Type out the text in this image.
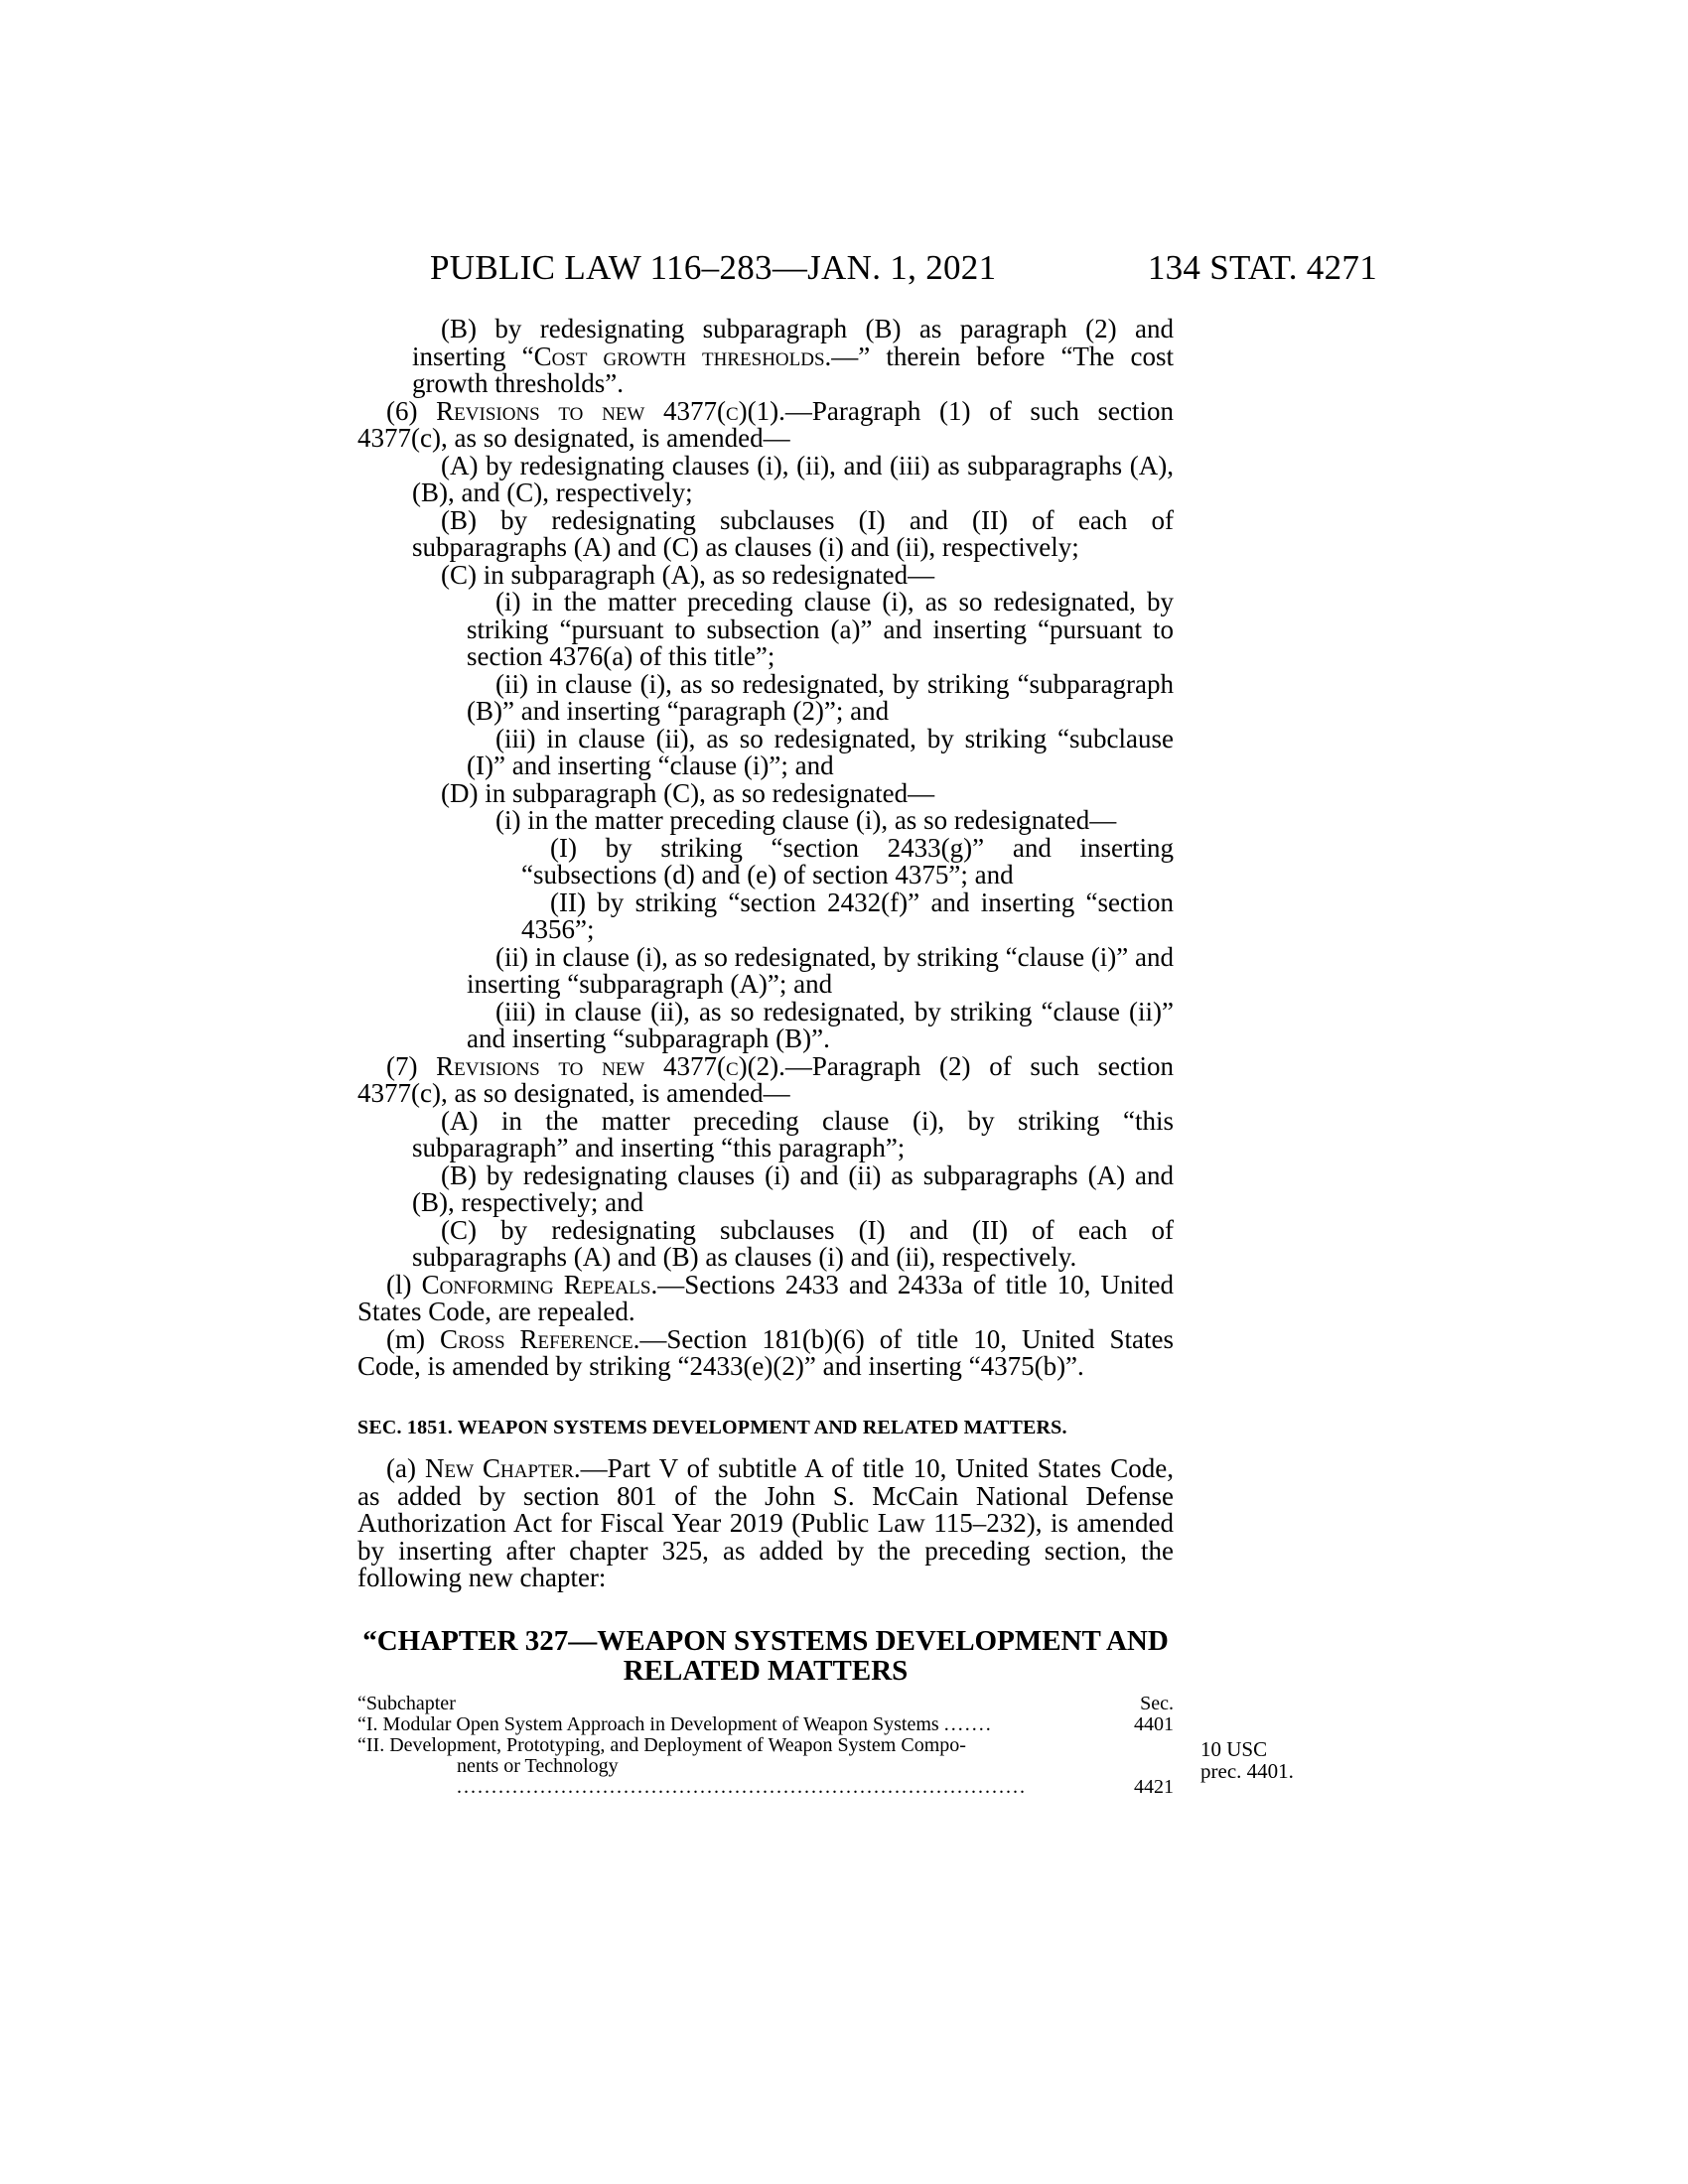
PUBLIC LAW 116–283—JAN. 1, 2021	134 STAT. 4271

(B) by redesignating subparagraph (B) as paragraph (2) and inserting “Cost growth thresholds.—” therein before “The cost growth thresholds”.

(6) Revisions to new 4377(c)(1).—Paragraph (1) of such section 4377(c), as so designated, is amended—

(A) by redesignating clauses (i), (ii), and (iii) as subparagraphs (A), (B), and (C), respectively;

(B) by redesignating subclauses (I) and (II) of each of subparagraphs (A) and (C) as clauses (i) and (ii), respectively;

(C) in subparagraph (A), as so redesignated—

(i) in the matter preceding clause (i), as so redesignated, by striking “pursuant to subsection (a)” and inserting “pursuant to section 4376(a) of this title”;

(ii) in clause (i), as so redesignated, by striking “subparagraph (B)” and inserting “paragraph (2)”; and

(iii) in clause (ii), as so redesignated, by striking “subclause (I)” and inserting “clause (i)”; and

(D) in subparagraph (C), as so redesignated—

(i) in the matter preceding clause (i), as so redesignated—

(I) by striking “section 2433(g)” and inserting “subsections (d) and (e) of section 4375”; and

(II) by striking “section 2432(f)” and inserting “section 4356”;

(ii) in clause (i), as so redesignated, by striking “clause (i)” and inserting “subparagraph (A)”; and

(iii) in clause (ii), as so redesignated, by striking “clause (ii)” and inserting “subparagraph (B)”.

(7) Revisions to new 4377(c)(2).—Paragraph (2) of such section 4377(c), as so designated, is amended—

(A) in the matter preceding clause (i), by striking “this subparagraph” and inserting “this paragraph”;

(B) by redesignating clauses (i) and (ii) as subparagraphs (A) and (B), respectively; and

(C) by redesignating subclauses (I) and (II) of each of subparagraphs (A) and (B) as clauses (i) and (ii), respectively.

(l) Conforming Repeals.—Sections 2433 and 2433a of title 10, United States Code, are repealed.

(m) Cross Reference.—Section 181(b)(6) of title 10, United States Code, is amended by striking “2433(e)(2)” and inserting “4375(b)”.

SEC. 1851. WEAPON SYSTEMS DEVELOPMENT AND RELATED MATTERS.

(a) New Chapter.—Part V of subtitle A of title 10, United States Code, as added by section 801 of the John S. McCain National Defense Authorization Act for Fiscal Year 2019 (Public Law 115–232), is amended by inserting after chapter 325, as added by the preceding section, the following new chapter:

“CHAPTER 327—WEAPON SYSTEMS DEVELOPMENT AND
RELATED MATTERS
“Subchapter	Sec.
“I. Modular Open System Approach in Development of Weapon Systems .......	4401
“II. Development, Prototyping, and Deployment of Weapon System Compo-
nents or Technology ..................................................................................	4421
10 USC
prec. 4401.
